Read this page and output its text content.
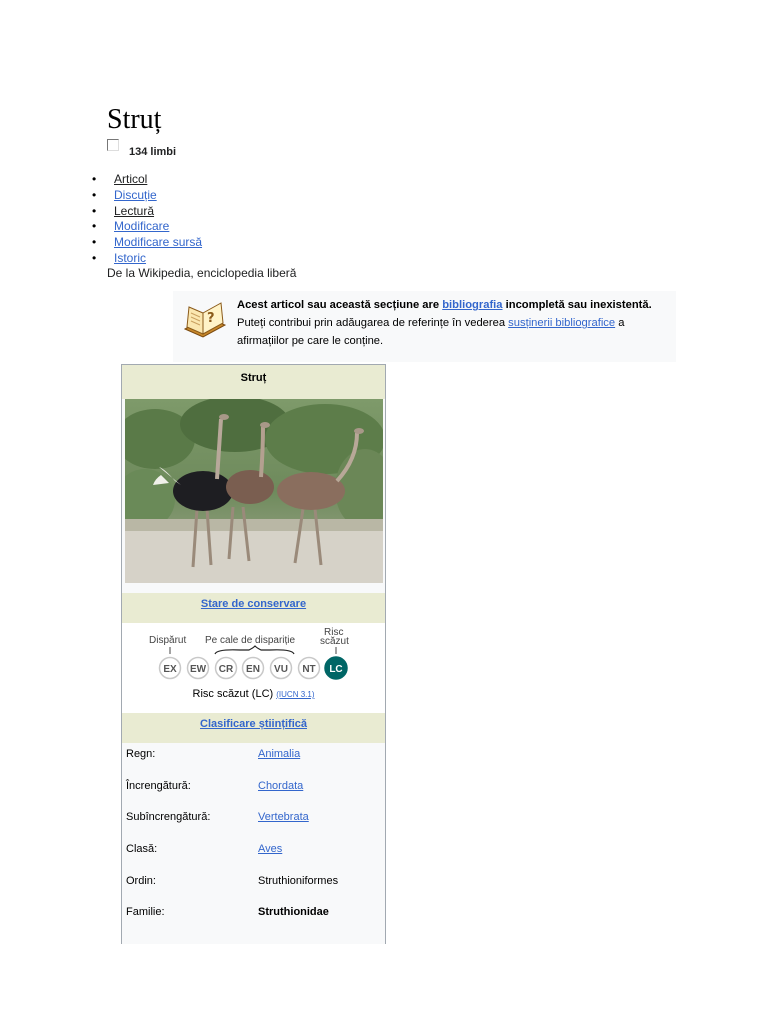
Struț
134 limbi
• Articol
• Discuție
• Lectură
• Modificare
• Modificare sursă
• Istoric
De la Wikipedia, enciclopedia liberă
?
Acest articol sau această secțiune are bibliografia incompletă sau inexistentă.
Puteți contribui prin adăugarea de referințe în vederea susținerii bibliografice a afirmațiilor pe care le conține.
Struț
Stare de conservare
Dispărut Pe cale de dispariție
Risc
scăzut
EX EW CR EN VU NT LC
Risc scăzut (LC) (IUCN 3.1)
Clasificare științifică
Regn:	Animalia
Încrengătură:	Chordata
Subîncrengătură:	Vertebrata
Clasă:	Aves
Ordin:	Struthioniformes
Familie:	Struthionidae
